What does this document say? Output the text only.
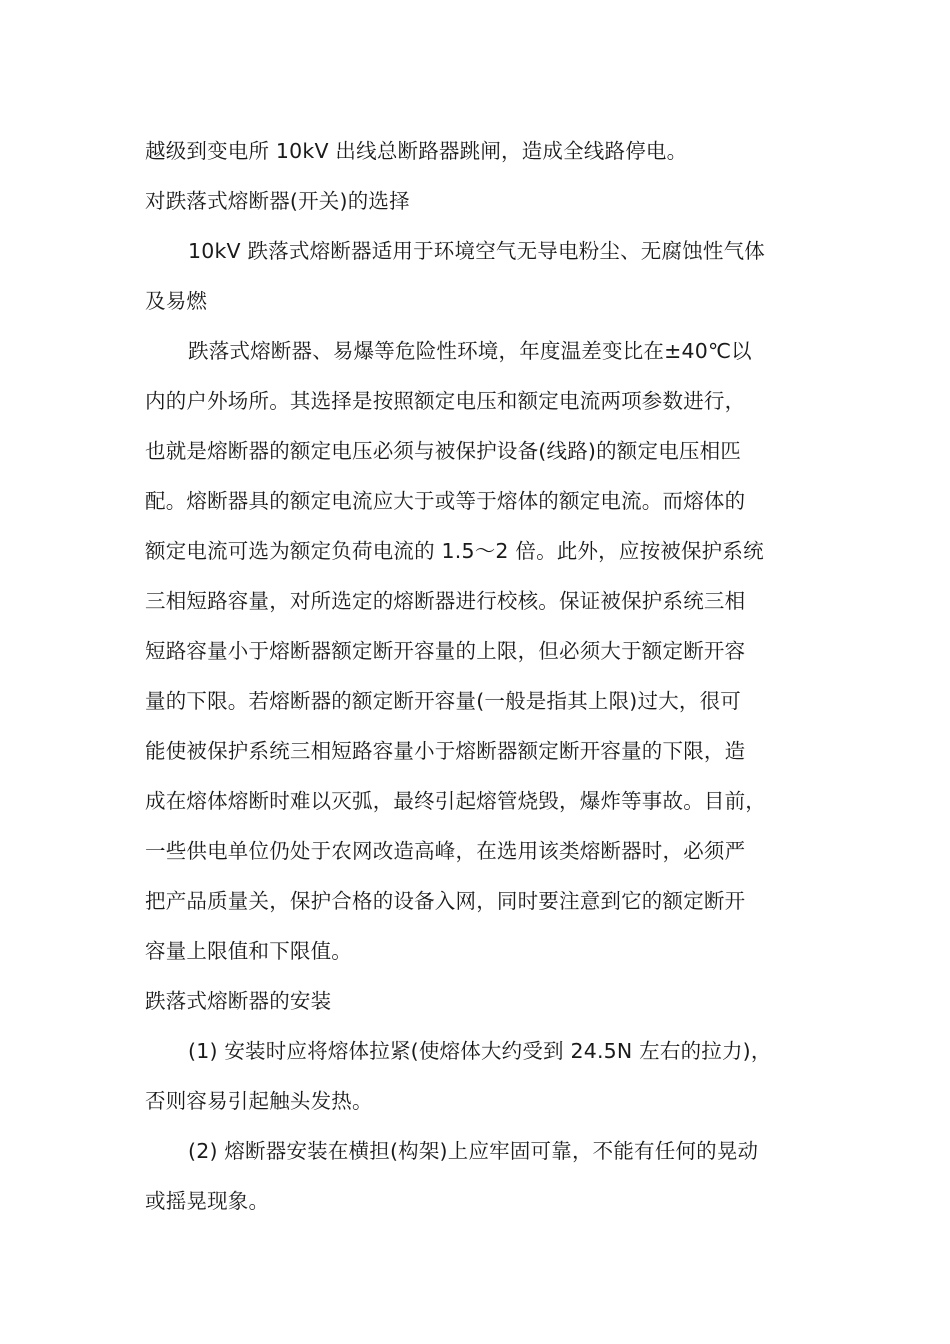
越级到变电所 10kV 出线总断路器跳闸，造成全线路停电。

对跌落式熔断器(开关)的选择

10kV 跌落式熔断器适用于环境空气无导电粉尘、无腐蚀性气体

及易燃

跌落式熔断器、易爆等危险性环境，年度温差变比在±40℃以

内的户外场所。其选择是按照额定电压和额定电流两项参数进行，

也就是熔断器的额定电压必须与被保护设备(线路)的额定电压相匹

配。熔断器具的额定电流应大于或等于熔体的额定电流。而熔体的

额定电流可选为额定负荷电流的 1.5～2 倍。此外，应按被保护系统

三相短路容量，对所选定的熔断器进行校核。保证被保护系统三相

短路容量小于熔断器额定断开容量的上限，但必须大于额定断开容

量的下限。若熔断器的额定断开容量(一般是指其上限)过大，很可

能使被保护系统三相短路容量小于熔断器额定断开容量的下限，造

成在熔体熔断时难以灭弧，最终引起熔管烧毁，爆炸等事故。目前，

一些供电单位仍处于农网改造高峰，在选用该类熔断器时，必须严

把产品质量关，保护合格的设备入网，同时要注意到它的额定断开

容量上限值和下限值。

跌落式熔断器的安装

(1) 安装时应将熔体拉紧(使熔体大约受到 24.5N 左右的拉力)，

否则容易引起触头发热。

(2) 熔断器安装在横担(构架)上应牢固可靠，不能有任何的晃动

或摇晃现象。
